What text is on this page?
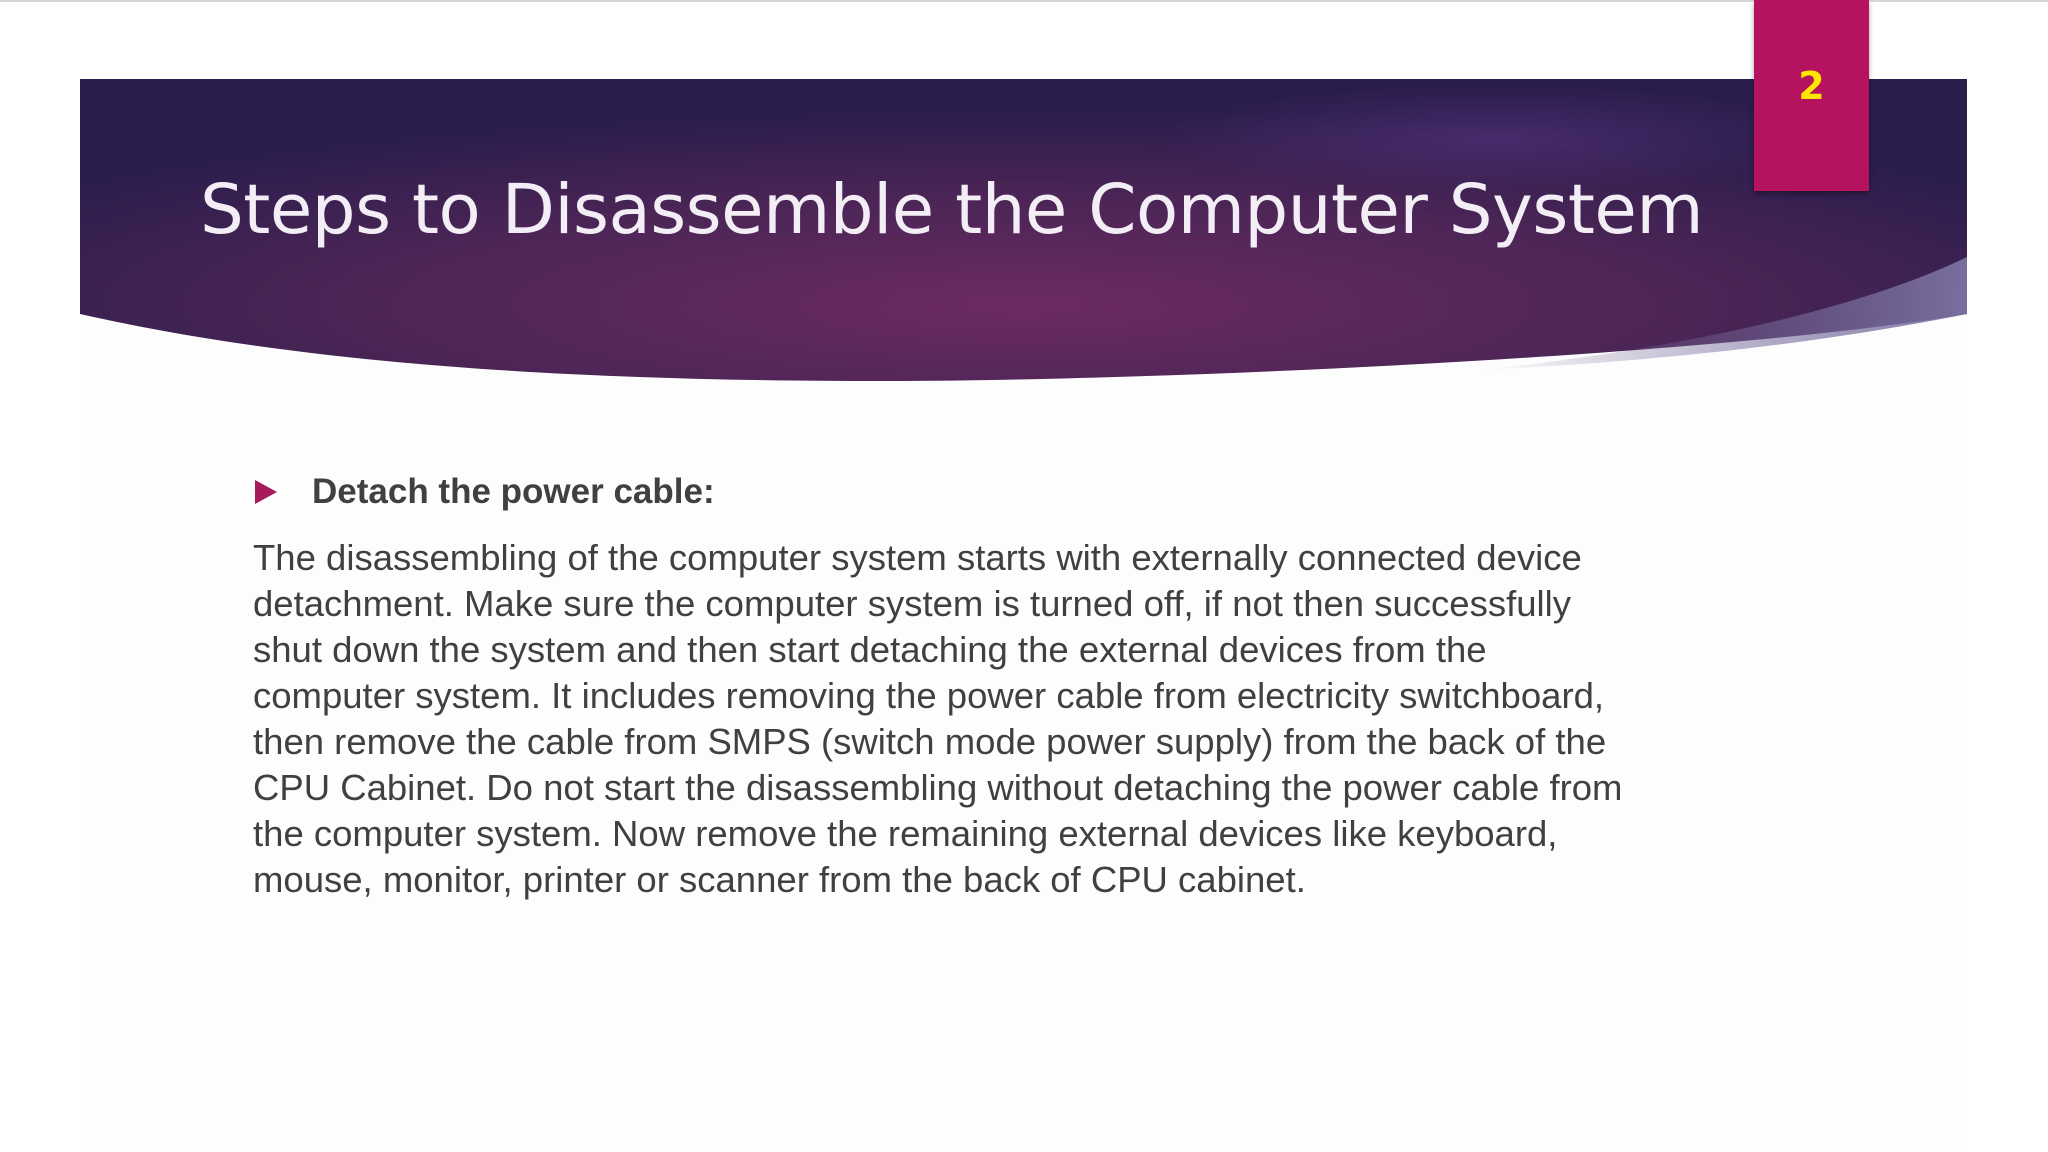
Steps to Disassemble the Computer System
2
Detach the power cable:

The disassembling of the computer system starts with externally connected device
detachment. Make sure the computer system is turned off, if not then successfully
shut down the system and then start detaching the external devices from the
computer system. It includes removing the power cable from electricity switchboard,
then remove the cable from SMPS (switch mode power supply) from the back of the
CPU Cabinet. Do not start the disassembling without detaching the power cable from
the computer system. Now remove the remaining external devices like keyboard,
mouse, monitor, printer or scanner from the back of CPU cabinet.
